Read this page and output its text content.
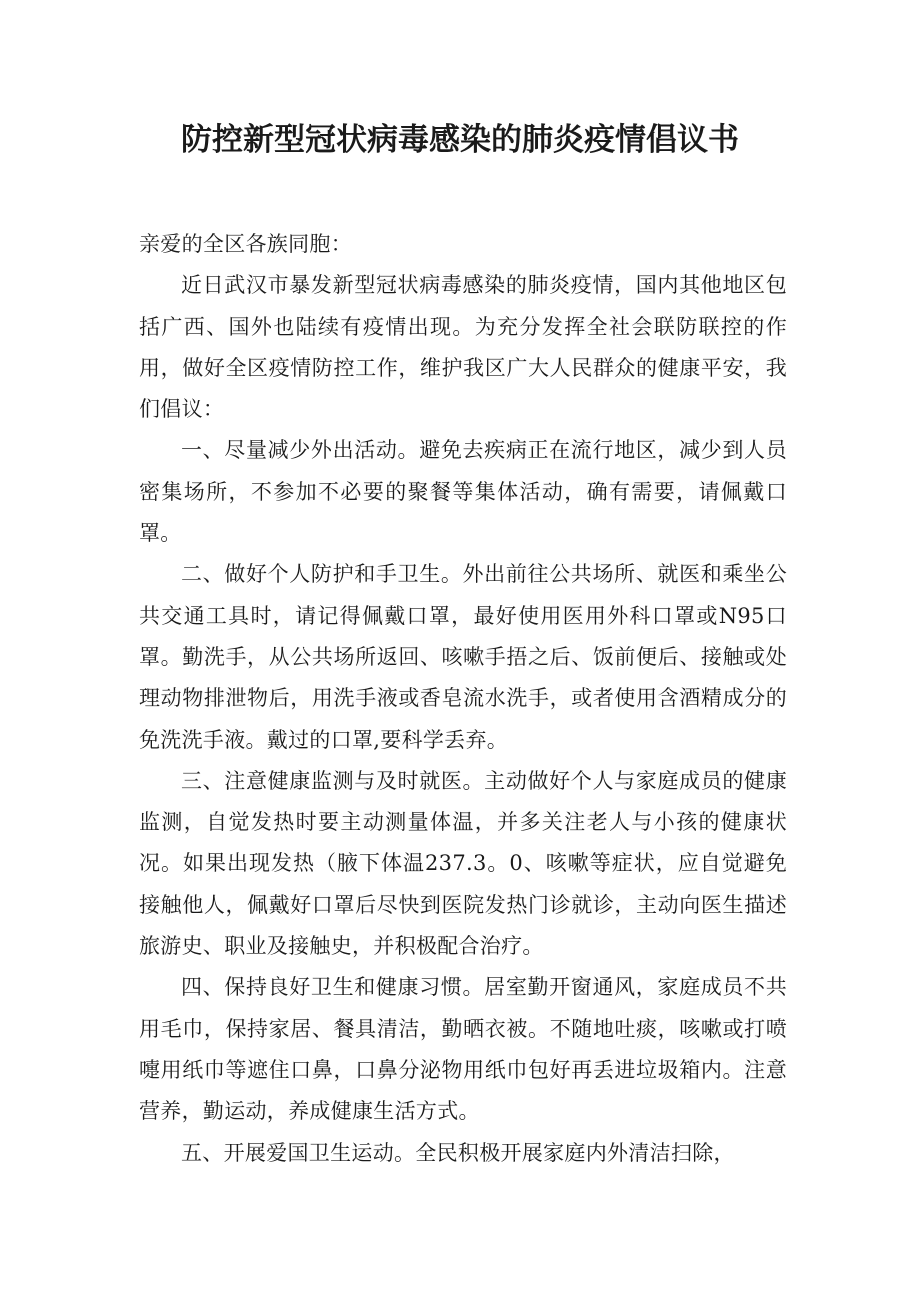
防控新型冠状病毒感染的肺炎疫情倡议书

亲爱的全区各族同胞：

近日武汉市暴发新型冠状病毒感染的肺炎疫情，国内其他地区包括广西、国外也陆续有疫情出现。为充分发挥全社会联防联控的作用，做好全区疫情防控工作，维护我区广大人民群众的健康平安，我们倡议：

一、尽量减少外出活动。避免去疾病正在流行地区，减少到人员密集场所，不参加不必要的聚餐等集体活动，确有需要，请佩戴口罩。

二、做好个人防护和手卫生。外出前往公共场所、就医和乘坐公共交通工具时，请记得佩戴口罩，最好使用医用外科口罩或N95口罩。勤洗手，从公共场所返回、咳嗽手捂之后、饭前便后、接触或处理动物排泄物后，用洗手液或香皂流水洗手，或者使用含酒精成分的免洗洗手液。戴过的口罩,要科学丢弃。

三、注意健康监测与及时就医。主动做好个人与家庭成员的健康监测，自觉发热时要主动测量体温，并多关注老人与小孩的健康状况。如果出现发热（腋下体温237.3。0、咳嗽等症状，应自觉避免接触他人，佩戴好口罩后尽快到医院发热门诊就诊，主动向医生描述旅游史、职业及接触史，并积极配合治疗。

四、保持良好卫生和健康习惯。居室勤开窗通风，家庭成员不共用毛巾，保持家居、餐具清洁，勤晒衣被。不随地吐痰，咳嗽或打喷嚏用纸巾等遮住口鼻，口鼻分泌物用纸巾包好再丢进垃圾箱内。注意营养，勤运动，养成健康生活方式。

五、开展爱国卫生运动。全民积极开展家庭内外清洁扫除，
